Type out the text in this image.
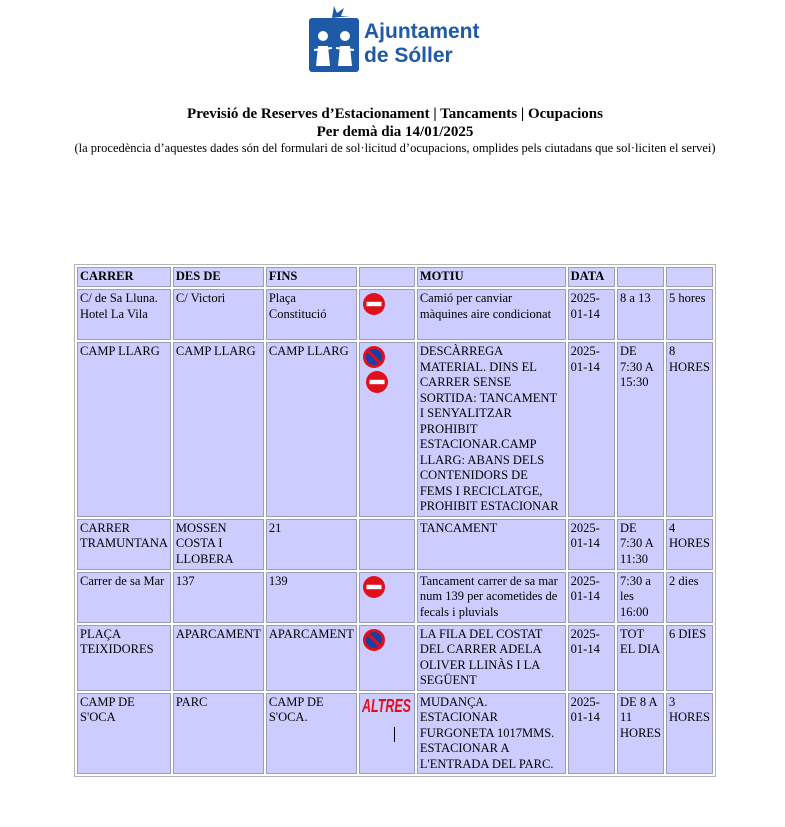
Ajuntament
de Sóller
Previsió de Reserves d’Estacionament | Tancaments | Ocupacions
Per demà dia 14/01/2025
(la procedència d’aquestes dades són del formulari de sol·licitud d’ocupacions, omplides pels ciutadans que sol·liciten el servei)
CARRER	DES DE	FINS		MOTIU	DATA		
C/ de Sa Lluna. Hotel La Vila	C/ Victori	Plaça Constitució		Camió per canviar màquines aire condicionat	2025-01-14	8 a 13	5 hores
CAMP LLARG	CAMP LLARG	CAMP LLARG		DESCÀRREGA MATERIAL. DINS EL CARRER SENSE SORTIDA: TANCAMENT I SENYALITZAR PROHIBIT ESTACIONAR.CAMP LLARG: ABANS DELS CONTENIDORS DE FEMS I RECICLATGE, PROHIBIT ESTACIONAR	2025-01-14	DE 7:30 A 15:30	8 HORES
CARRER TRAMUNTANA	MOSSEN COSTA I LLOBERA	21		TANCAMENT	2025-01-14	DE 7:30 A 11:30	4 HORES
Carrer de sa Mar	137	139		Tancament carrer de sa mar num 139 per acometides de fecals i pluvials	2025-01-14	7:30 a les 16:00	2 dies
PLAÇA TEIXIDORES	APARCAMENT	APARCAMENT		LA FILA DEL COSTAT DEL CARRER ADELA OLIVER LLINÀS I LA SEGÜENT	2025-01-14	TOT EL DIA	6 DIES
CAMP DE S'OCA	PARC	CAMP DE S'OCA.	ALTRES	MUDANÇA. ESTACIONAR FURGONETA 1017MMS. ESTACIONAR A L'ENTRADA DEL PARC.	2025-01-14	DE 8 A 11 HORES	3 HORES
